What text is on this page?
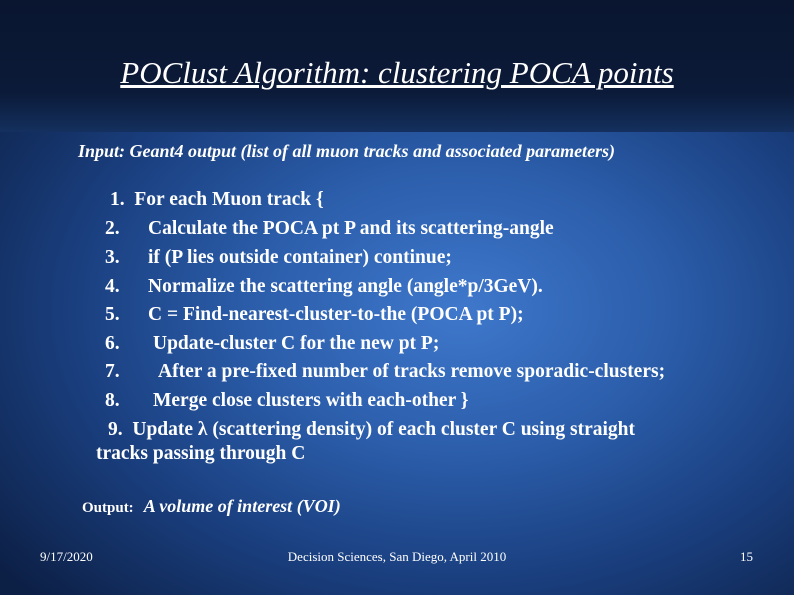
POClust Algorithm: clustering POCA points
Input: Geant4 output (list of all muon tracks and associated parameters)
1. For each Muon track {
2. Calculate the POCA pt P and its scattering-angle
3. if (P lies outside container) continue;
4. Normalize the scattering angle (angle*p/3GeV).
5. C = Find-nearest-cluster-to-the (POCA pt P);
6. Update-cluster C for the new pt P;
7. After a pre-fixed number of tracks remove sporadic-clusters;
8. Merge close clusters with each-other }
9. Update λ (scattering density) of each cluster C using straight
tracks passing through C
Output: A volume of interest (VOI)
9/17/2020	Decision Sciences, San Diego, April 2010	15
